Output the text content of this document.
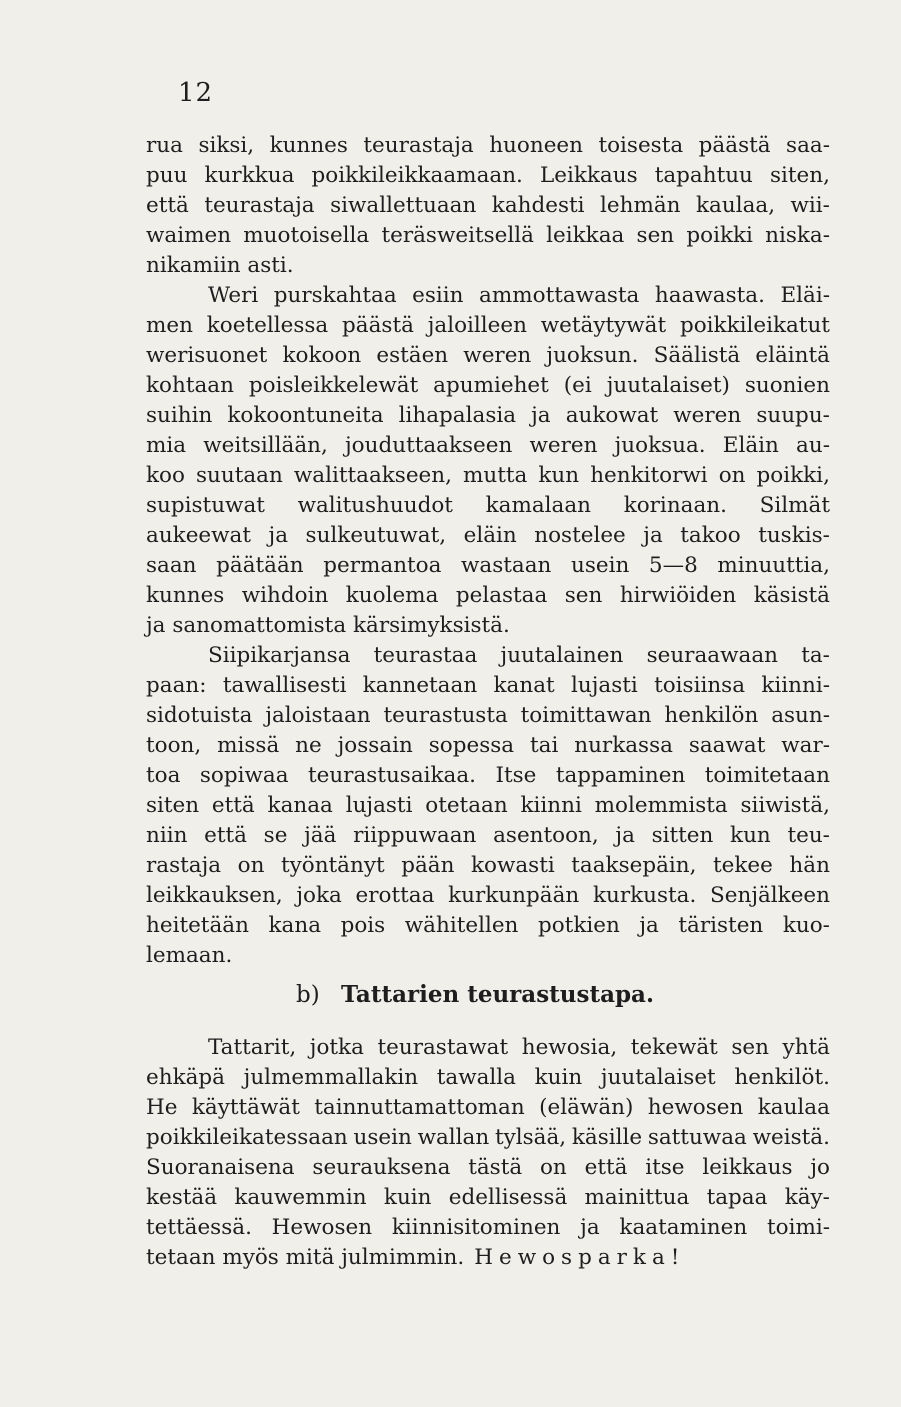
12
rua siksi, kunnes teurastaja huoneen toisesta päästä saa-
puu kurkkua poikkileikkaamaan. Leikkaus tapahtuu siten,
että teurastaja siwallettuaan kahdesti lehmän kaulaa, wii-
waimen muotoisella teräsweitsellä leikkaa sen poikki niska-
nikamiin asti.
Weri purskahtaa esiin ammottawasta haawasta. Eläi-
men koetellessa päästä jaloilleen wetäytywät poikkileikatut
werisuonet kokoon estäen weren juoksun. Säälistä eläintä
kohtaan poisleikkelewät apumiehet (ei juutalaiset) suonien
suihin kokoontuneita lihapalasia ja aukowat weren suupu-
mia weitsillään, jouduttaakseen weren juoksua. Eläin au-
koo suutaan walittaakseen, mutta kun henkitorwi on poikki,
supistuwat walitushuudot kamalaan korinaan. Silmät
aukeewat ja sulkeutuwat, eläin nostelee ja takoo tuskis-
saan päätään permantoa wastaan usein 5—8 minuuttia,
kunnes wihdoin kuolema pelastaa sen hirwiöiden käsistä
ja sanomattomista kärsimyksistä.
Siipikarjansa teurastaa juutalainen seuraawaan ta-
paan: tawallisesti kannetaan kanat lujasti toisiinsa kiinni-
sidotuista jaloistaan teurastusta toimittawan henkilön asun-
toon, missä ne jossain sopessa tai nurkassa saawat war-
toa sopiwaa teurastusaikaa. Itse tappaminen toimitetaan
siten että kanaa lujasti otetaan kiinni molemmista siiwistä,
niin että se jää riippuwaan asentoon, ja sitten kun teu-
rastaja on työntänyt pään kowasti taaksepäin, tekee hän
leikkauksen, joka erottaa kurkunpään kurkusta. Senjälkeen
heitetään kana pois wähitellen potkien ja täristen kuo-
lemaan.
b) Tattarien teurastustapa.
Tattarit, jotka teurastawat hewosia, tekewät sen yhtä
ehkäpä julmemmallakin tawalla kuin juutalaiset henkilöt.
He käyttäwät tainnuttamattoman (eläwän) hewosen kaulaa
poikkileikatessaan usein wallan tylsää, käsille sattuwaa weistä.
Suoranaisena seurauksena tästä on että itse leikkaus jo
kestää kauwemmin kuin edellisessä mainittua tapaa käy-
tettäessä. Hewosen kiinnisitominen ja kaataminen toimi-
tetaan myös mitä julmimmin. Hewosparka!
